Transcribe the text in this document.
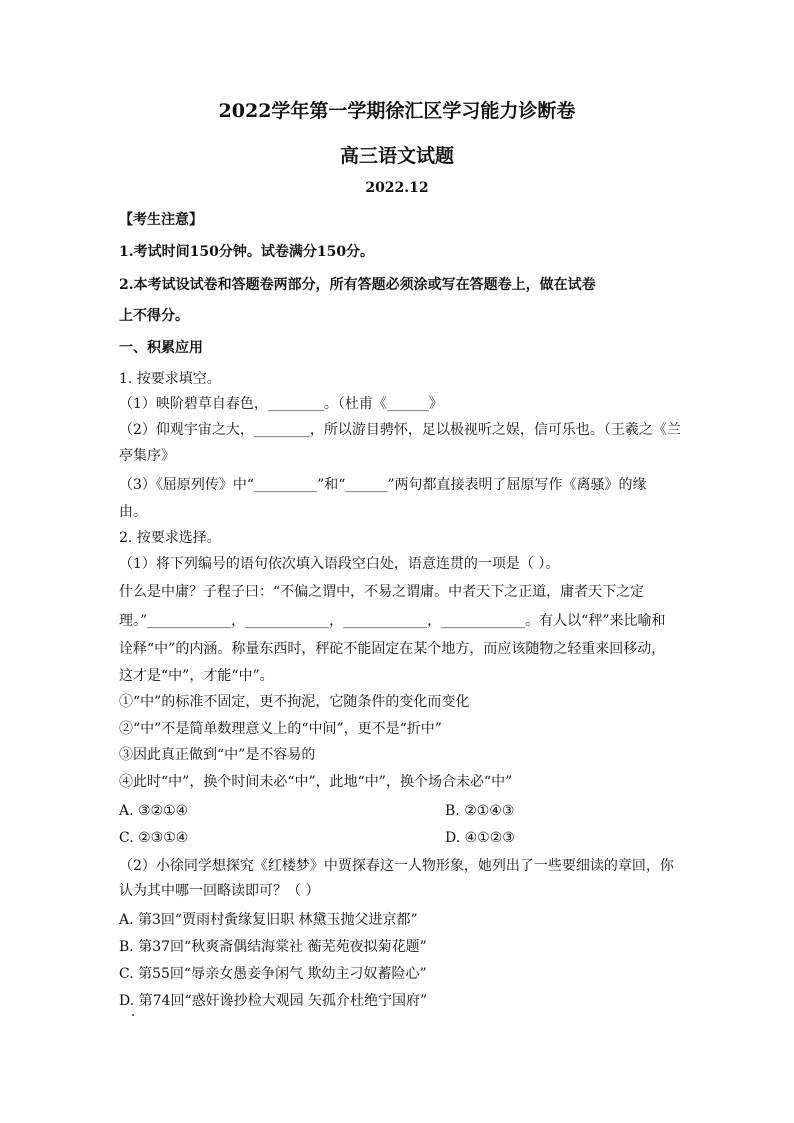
2022学年第一学期徐汇区学习能力诊断卷
高三语文试题
2022.12
【考生注意】
1.考试时间150分钟。试卷满分150分。
2.本考试设试卷和答题卷两部分，所有答题必须涂或写在答题卷上，做在试卷
上不得分。
一、积累应用
1. 按要求填空。
（1）映阶碧草自春色，________。（杜甫《______》
（2）仰观宇宙之大，________，所以游目骋怀，足以极视听之娱，信可乐也。（王羲之《兰
亭集序》
（3）《屈原列传》中“_________”和“______”两句都直接表明了屈原写作《离骚》的缘
由。
2. 按要求选择。
（1）将下列编号的语句依次填入语段空白处，语意连贯的一项是（ ）。
什么是中庸？子程子曰：“不偏之谓中，不易之谓庸。中者天下之正道，庸者天下之定
理。”____________，____________，____________，____________。有人以“秤”来比喻和
诠释“中”的内涵。称量东西时，秤砣不能固定在某个地方，而应该随物之轻重来回移动，
这才是“中”，才能“中”。
①“中”的标准不固定，更不拘泥，它随条件的变化而变化
②“中”不是简单数理意义上的“中间”，更不是“折中”
③因此真正做到“中”是不容易的
④此时“中”，换个时间未必“中”，此地“中”，换个场合未必“中”
A. ③②①④	B. ②①④③
C. ②③①④	D. ④①②③
（2）小徐同学想探究《红楼梦》中贾探春这一人物形象，她列出了一些要细读的章回，你
认为其中哪一回略读即可？（ ）
A. 第3回“贾雨村夤缘复旧职 林黛玉抛父进京都”
B. 第37回“秋爽斋偶结海棠社 蘅芜苑夜拟菊花题”
C. 第55回“辱亲女愚妾争闲气 欺幼主刁奴蓄险心”
D. 第74回“惑奸谗抄检大观园 矢孤介杜绝宁国府”
